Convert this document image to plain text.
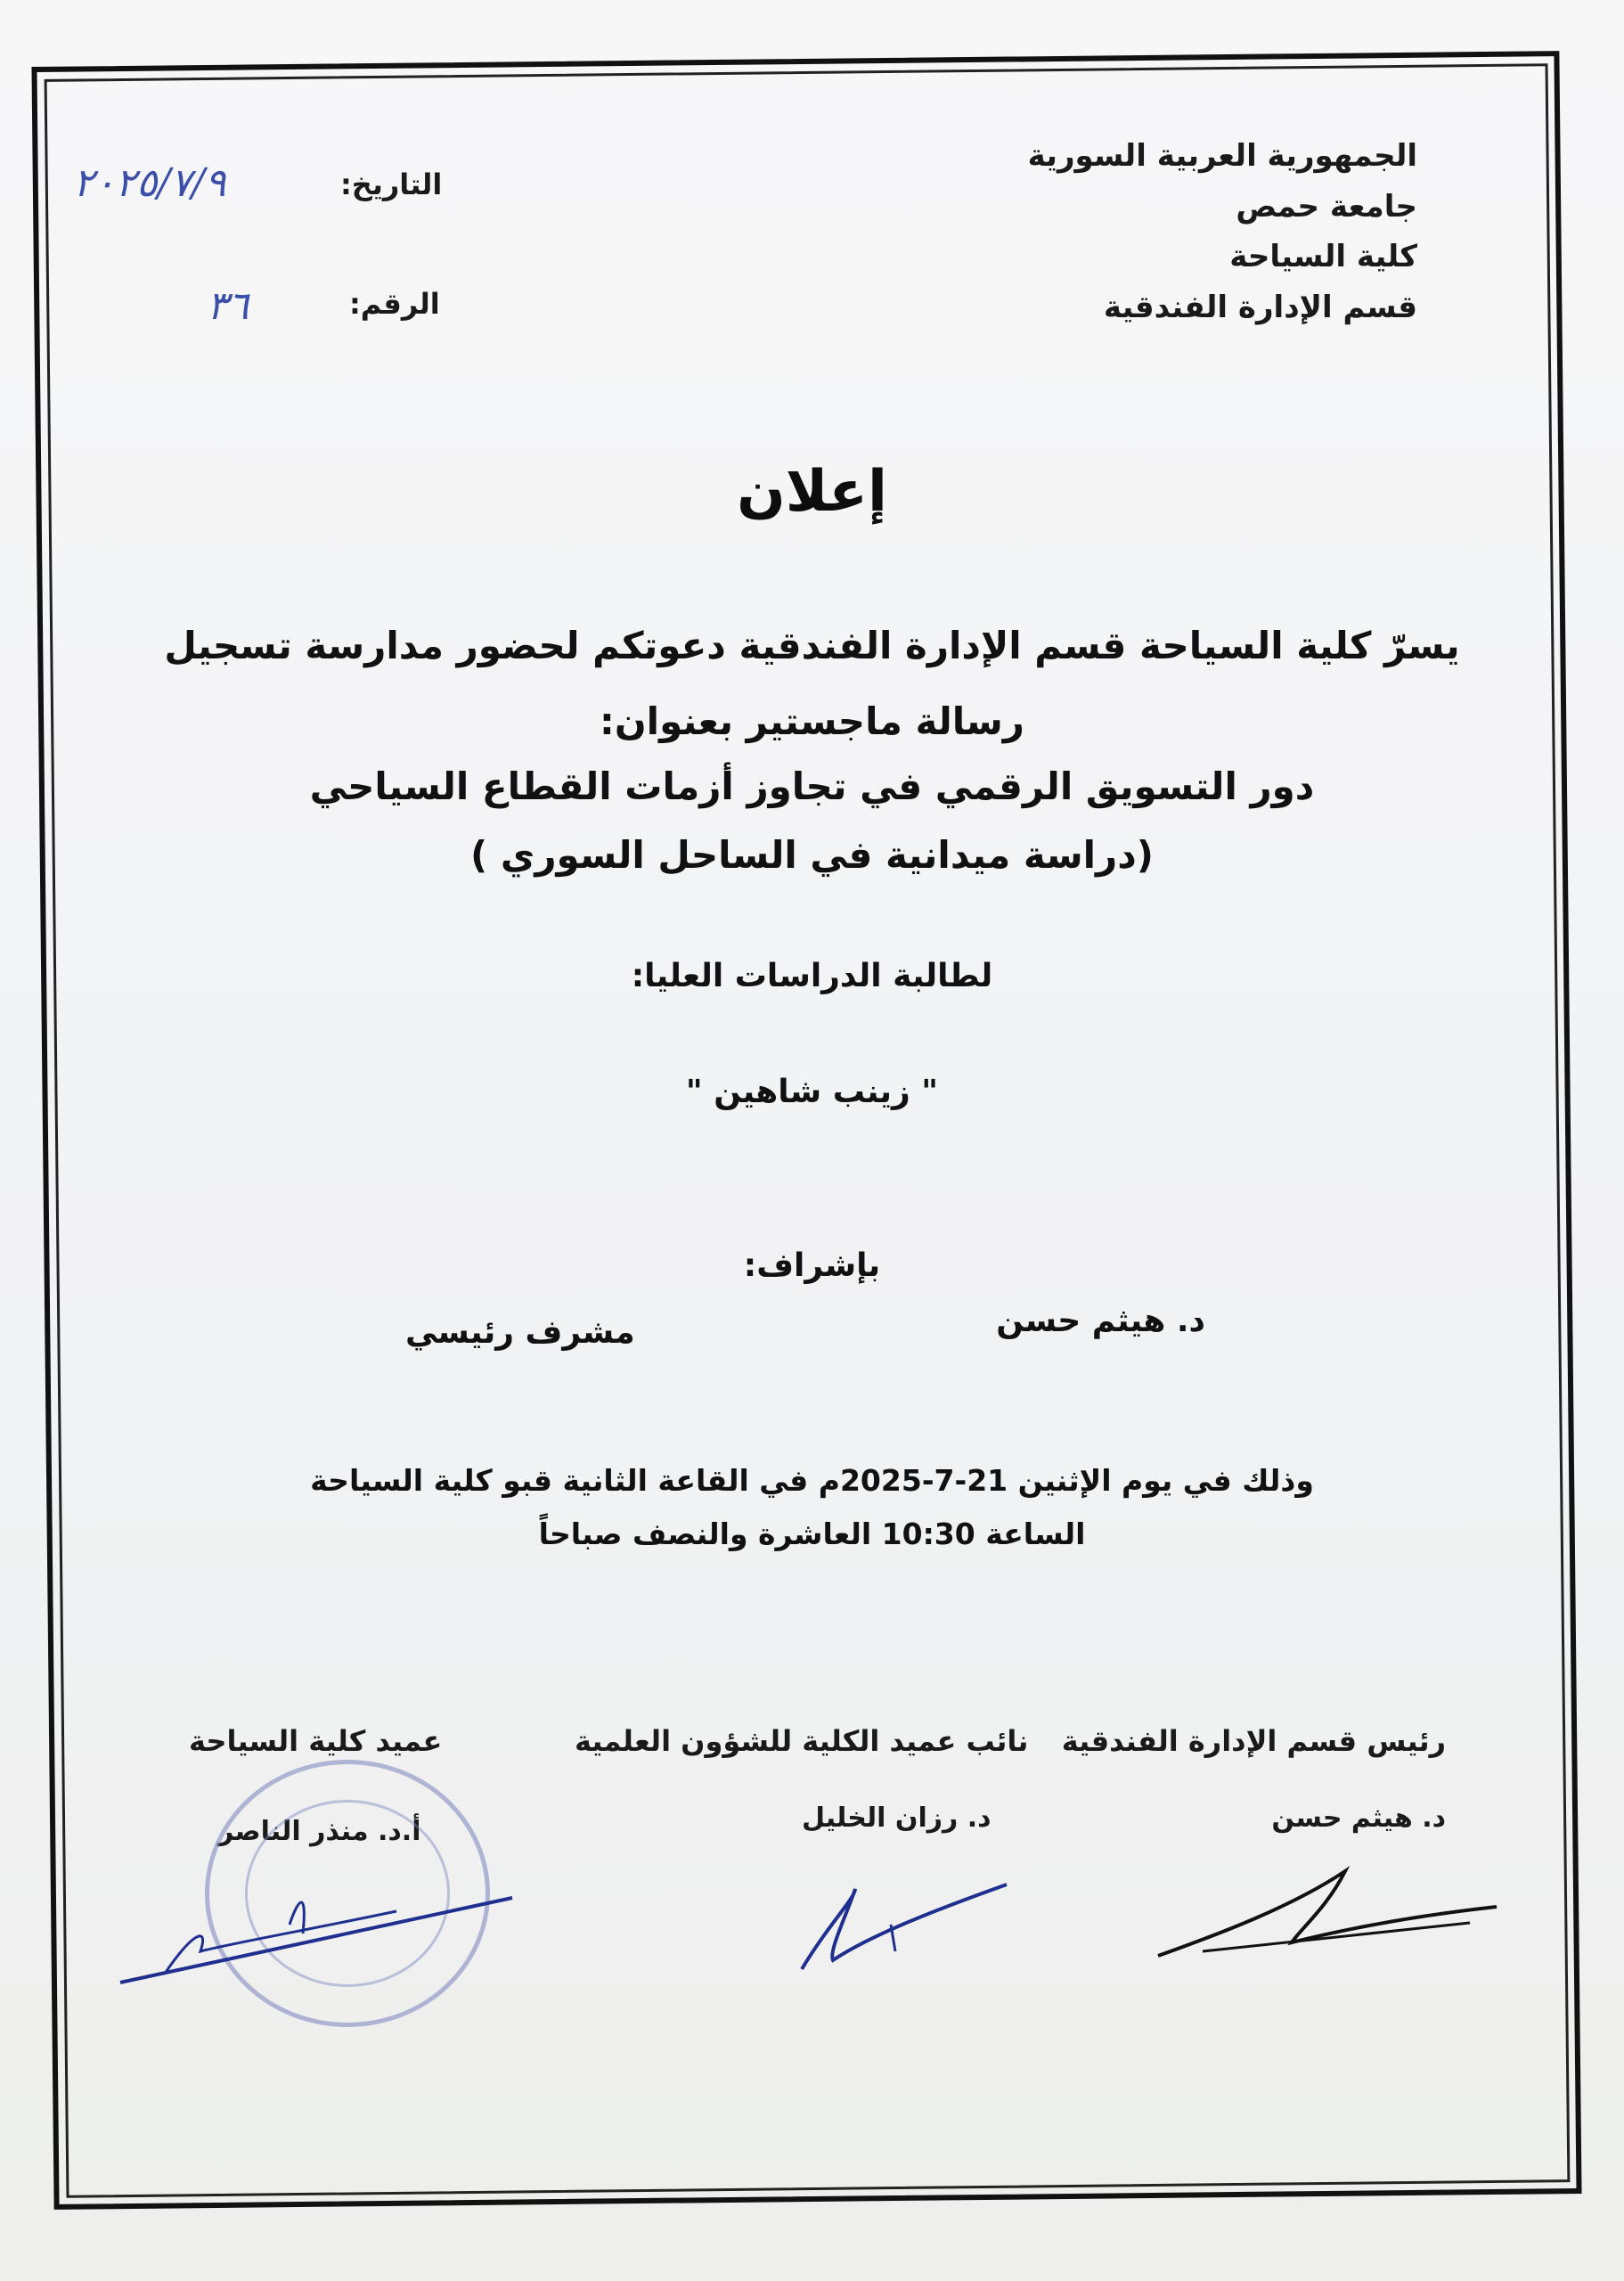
الجمهورية العربية السورية
جامعة حمص
كلية السياحة
قسم الإدارة الفندقية
التاريخ:
٢٠٢٥/٧/٩
الرقم:
٣٦
إعلان
يسرّ كلية السياحة قسم الإدارة الفندقية دعوتكم لحضور مدارسة تسجيل
رسالة ماجستير بعنوان:
دور التسويق الرقمي في تجاوز أزمات القطاع السياحي
(دراسة ميدانية في الساحل السوري )
لطالبة الدراسات العليا:
" زينب شاهين "
بإشراف:
د. هيثم حسن
مشرف رئيسي
وذلك في يوم الإثنين 21-7-2025م في القاعة الثانية قبو كلية السياحة
الساعة 10:30 العاشرة والنصف صباحاً
رئيس قسم الإدارة الفندقية
د. هيثم حسن
نائب عميد الكلية للشؤون العلمية
د. رزان الخليل
عميد كلية السياحة
أ.د. منذر الناصر
